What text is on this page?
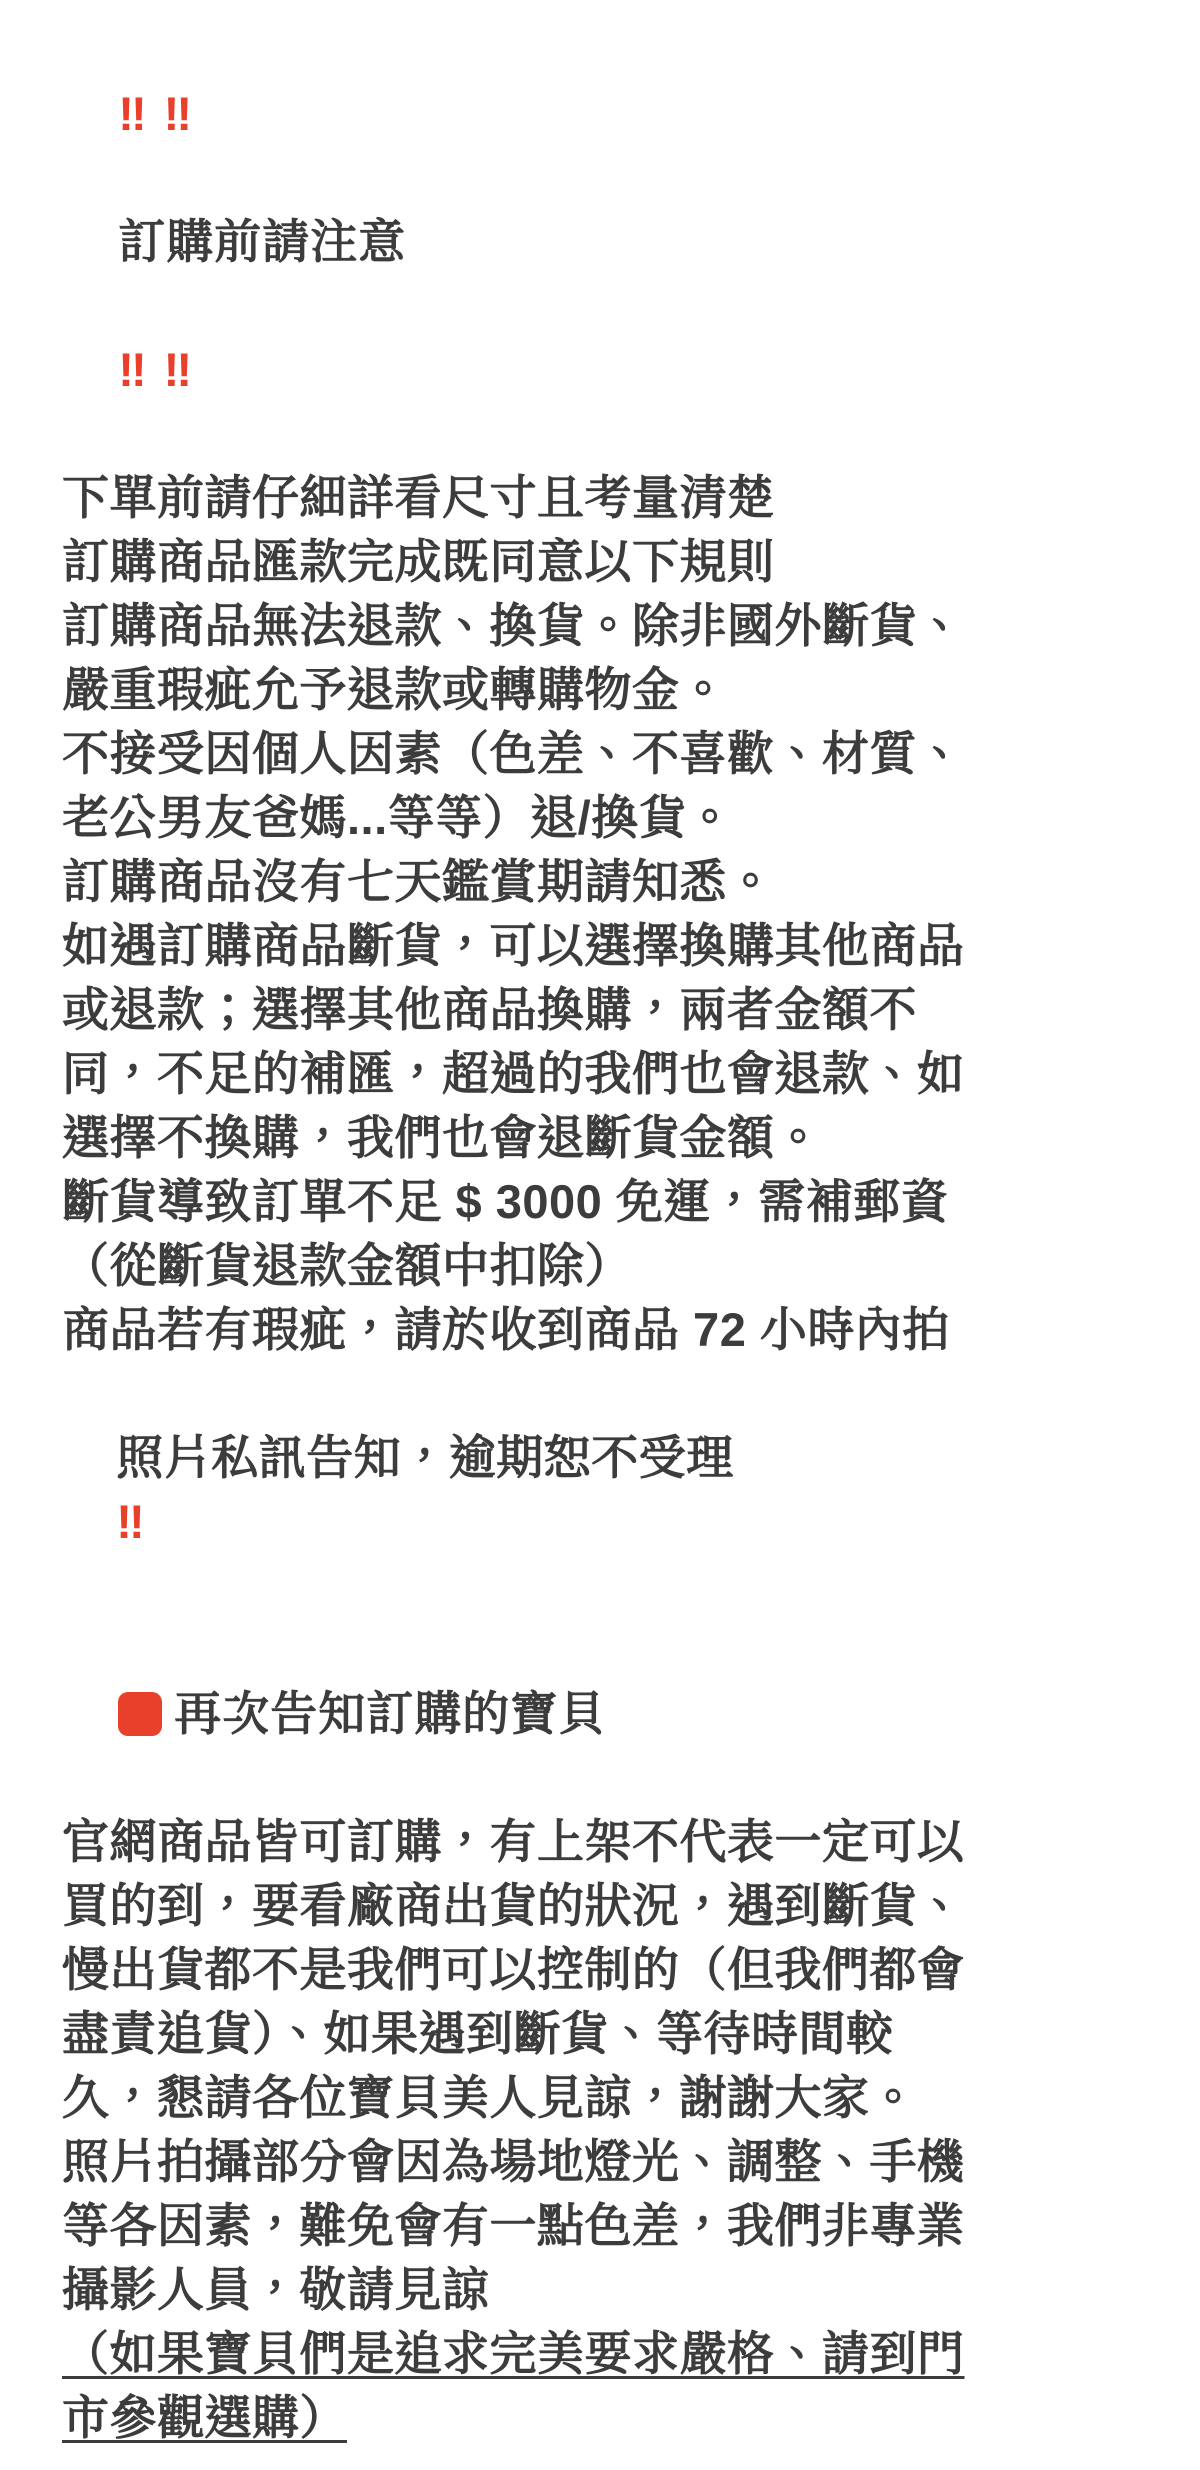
‼ ‼

訂購前請注意

‼ ‼

下單前請仔細詳看尺寸且考量清楚
訂購商品匯款完成既同意以下規則
訂購商品無法退款、換貨。除非國外斷貨、
嚴重瑕疵允予退款或轉購物金。
不接受因個人因素（色差、不喜歡、材質、
老公男友爸媽...等等）退/換貨。
訂購商品沒有七天鑑賞期請知悉。
如遇訂購商品斷貨，可以選擇換購其他商品
或退款；選擇其他商品換購，兩者金額不
同，不足的補匯，超過的我們也會退款、如
選擇不換購，我們也會退斷貨金額。
斷貨導致訂單不足 $ 3000 免運，需補郵資
（從斷貨退款金額中扣除）
商品若有瑕疵，請於收到商品 72 小時內拍

照片私訊告知，逾期恕不受理
‼

再次告知訂購的寶貝

官網商品皆可訂購，有上架不代表一定可以
買的到，要看廠商出貨的狀況，遇到斷貨、
慢出貨都不是我們可以控制的（但我們都會
盡責追貨）、如果遇到斷貨、等待時間較
久，懇請各位寶貝美人見諒，謝謝大家。
照片拍攝部分會因為場地燈光、調整、手機
等各因素，難免會有一點色差，我們非專業
攝影人員，敬請見諒
（如果寶貝們是追求完美要求嚴格、請到門
市參觀選購）
